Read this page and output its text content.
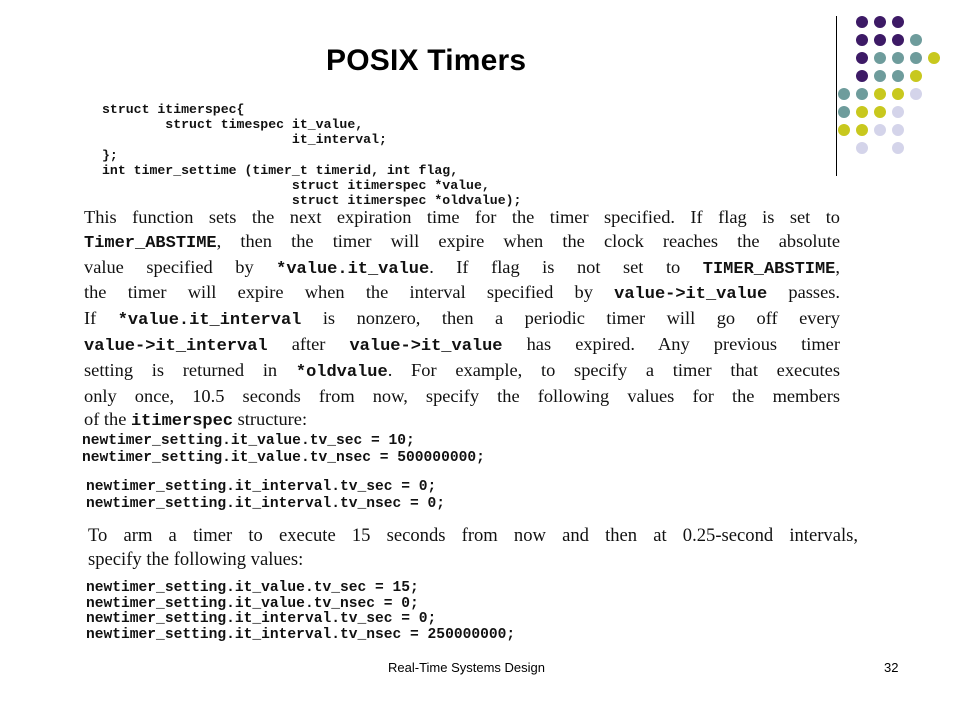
POSIX Timers
struct itimerspec{
struct timespec it_value,
it_interval;
};
int timer_settime (timer_t timerid, int flag,
struct itimerspec *value,
struct itimerspec *oldvalue);
This function sets the next expiration time for the timer specified. If flag is set to
Timer_ABSTIME, then the timer will expire when the clock reaches the absolute
value specified by *value.it_value. If flag is not set to TIMER_ABSTIME,
the timer will expire when the interval specified by value->it_value passes.
If *value.it_interval is nonzero, then a periodic timer will go off every
value->it_interval after value->it_value has expired. Any previous timer
setting is returned in *oldvalue. For example, to specify a timer that executes
only once, 10.5 seconds from now, specify the following values for the members
of the itimerspec structure:
newtimer_setting.it_value.tv_sec = 10;
newtimer_setting.it_value.tv_nsec = 500000000;
newtimer_setting.it_interval.tv_sec = 0;
newtimer_setting.it_interval.tv_nsec = 0;
To arm a timer to execute 15 seconds from now and then at 0.25-second intervals,
specify the following values:
newtimer_setting.it_value.tv_sec = 15;
newtimer_setting.it_value.tv_nsec = 0;
newtimer_setting.it_interval.tv_sec = 0;
newtimer_setting.it_interval.tv_nsec = 250000000;
Real-Time Systems Design	32
